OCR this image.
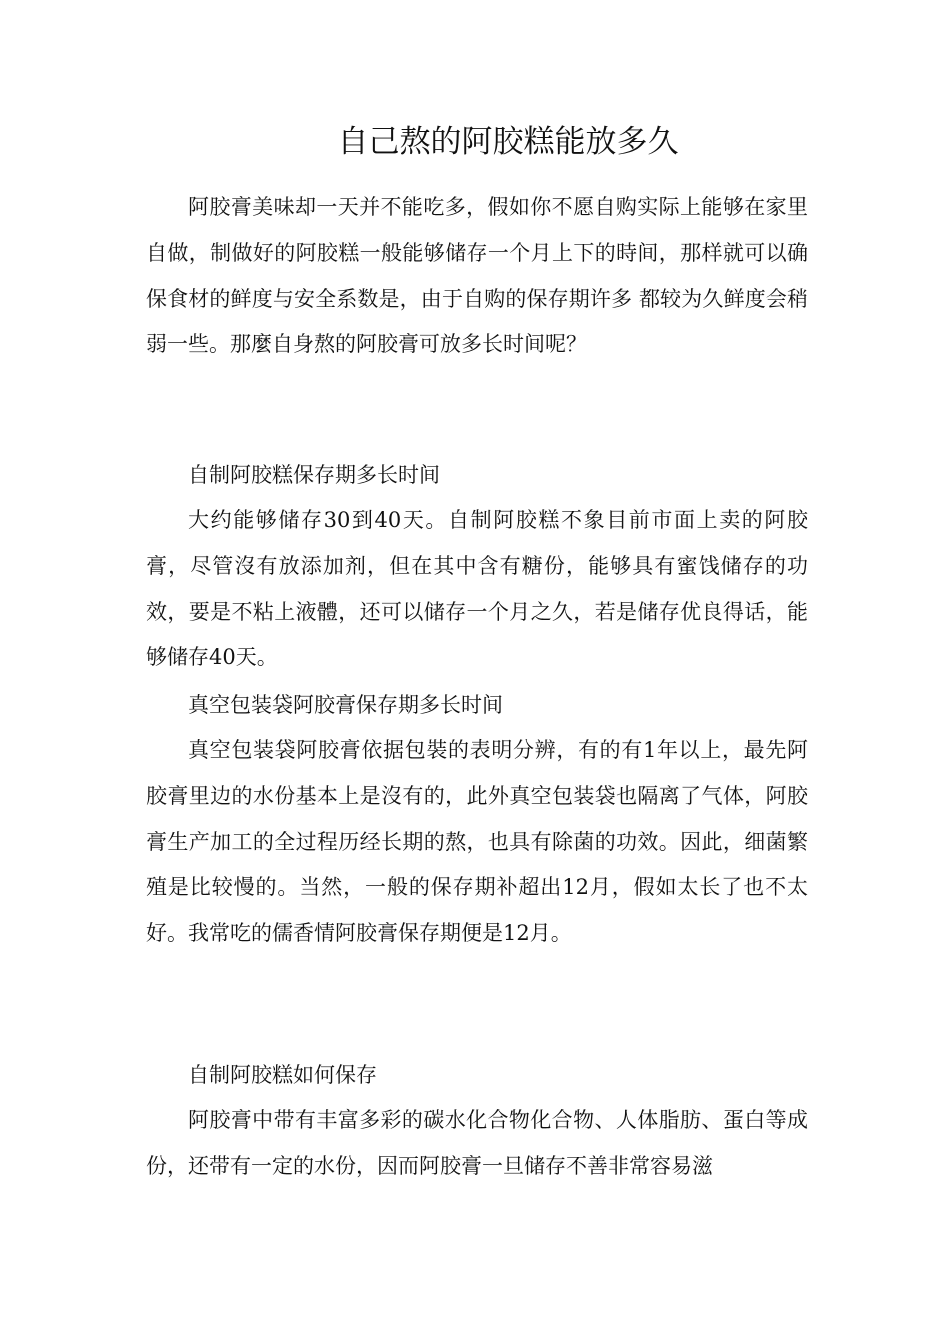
自己熬的阿胶糕能放多久

阿胶膏美味却一天并不能吃多，假如你不愿自购实际上能够在家里自做，制做好的阿胶糕一般能够储存一个月上下的時间，那样就可以确保食材的鲜度与安全系数是，由于自购的保存期许多 都较为久鲜度会稍弱一些。那麼自身熬的阿胶膏可放多长时间呢？

自制阿胶糕保存期多长时间

大约能够储存30到40天。自制阿胶糕不象目前市面上卖的阿胶膏，尽管沒有放添加剂，但在其中含有糖份，能够具有蜜饯储存的功效，要是不粘上液體，还可以储存一个月之久，若是储存优良得话，能够储存40天。

真空包装袋阿胶膏保存期多长时间

真空包装袋阿胶膏依据包裝的表明分辨，有的有1年以上，最先阿胶膏里边的水份基本上是沒有的，此外真空包装袋也隔离了气体，阿胶膏生产加工的全过程历经长期的熬，也具有除菌的功效。因此，细菌繁殖是比较慢的。当然，一般的保存期补超出12月，假如太长了也不太好。我常吃的儒香情阿胶膏保存期便是12月。

自制阿胶糕如何保存

阿胶膏中带有丰富多彩的碳水化合物化合物、人体脂肪、蛋白等成份，还带有一定的水份，因而阿胶膏一旦储存不善非常容易滋
